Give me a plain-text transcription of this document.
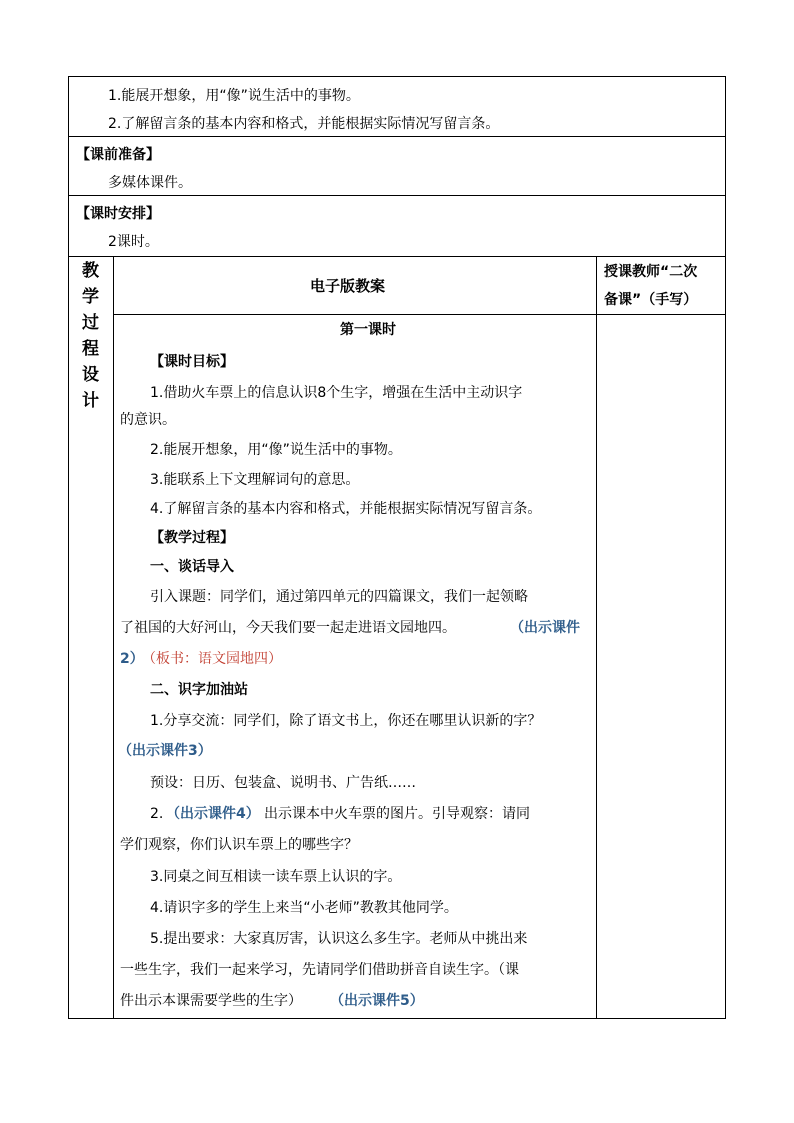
1.能展开想象，用“像”说生活中的事物。
2.了解留言条的基本内容和格式，并能根据实际情况写留言条。
【课前准备】
多媒体课件。
【课时安排】
2课时。
教
学
过
程
设
计
电子版教案
授课教师“二次
备课”（手写）
第一课时
【课时目标】
1.借助火车票上的信息认识8个生字，增强在生活中主动识字
的意识。
2.能展开想象，用“像”说生活中的事物。
3.能联系上下文理解词句的意思。
4.了解留言条的基本内容和格式，并能根据实际情况写留言条。
【教学过程】
一、谈话导入
引入课题：同学们，通过第四单元的四篇课文，我们一起领略
了祖国的大好河山，今天我们要一起走进语文园地四。	（出示课件
2）
（板书：语文园地四）
二、识字加油站
1.分享交流：同学们，除了语文书上，你还在哪里认识新的字？
（出示课件3）
预设：日历、包装盒、说明书、广告纸……
2. （出示课件4） 出示课本中火车票的图片。引导观察：请同
学们观察，你们认识车票上的哪些字？
3.同桌之间互相读一读车票上认识的字。
4.请识字多的学生上来当“小老师”教教其他同学。
5.提出要求：大家真厉害，认识这么多生字。老师从中挑出来
一些生字，我们一起来学习，先请同学们借助拼音自读生字。（课
件出示本课需要学些的生字） （出示课件5）
